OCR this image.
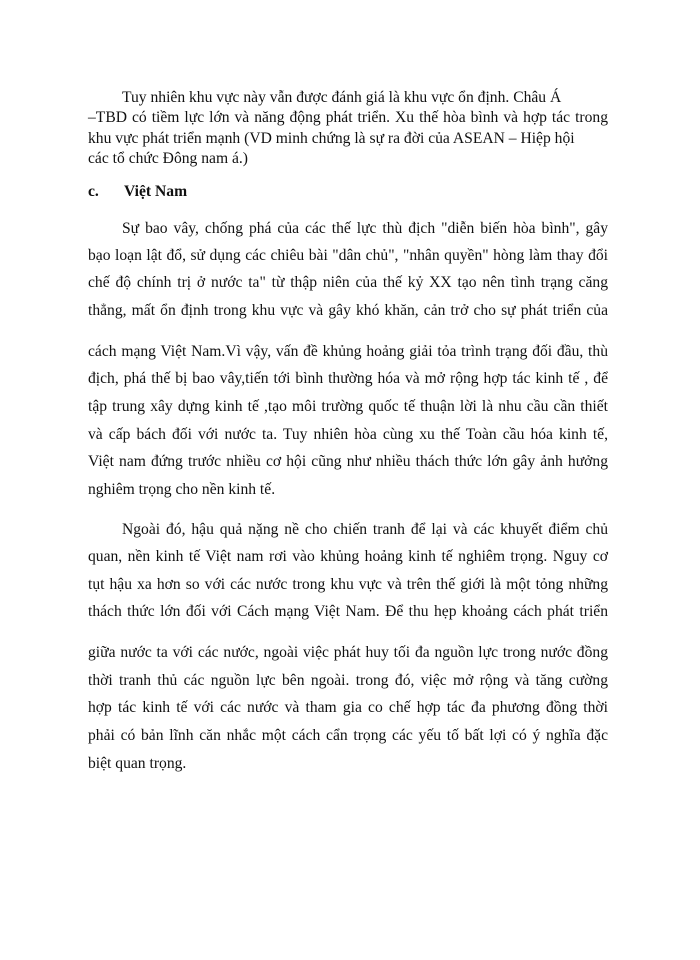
Tuy nhiên khu vực này vẫn được đánh giá là khu vực ổn định. Châu Á
–TBD có tiềm lực lớn và năng động phát triển. Xu thế hòa bình và hợp tác trong
khu vực phát triển mạnh (VD minh chứng là sự ra đời của ASEAN – Hiệp hội
các tổ chức Đông nam á.)
c. Việt Nam
Sự bao vây, chống phá của các thế lực thù địch "diễn biến hòa bình", gây
bạo loạn lật đổ, sử dụng các chiêu bài "dân chủ", "nhân quyền" hòng làm thay đổi
chế độ chính trị ở nước ta" từ thập niên của thế kỷ XX tạo nên tình trạng căng
thẳng, mất ổn định trong khu vực và gây khó khăn, cản trở cho sự phát triển của
cách mạng Việt Nam.Vì vậy, vấn đề khủng hoảng giải tỏa trình trạng đối đầu, thù
địch, phá thế bị bao vây,tiến tới bình thường hóa và mở rộng hợp tác kinh tế , để
tập trung xây dựng kinh tế ,tạo môi trường quốc tế thuận lời là nhu cầu cần thiết
và cấp bách đối với nước ta. Tuy nhiên hòa cùng xu thế Toàn cầu hóa kinh tế,
Việt nam đứng trước nhiều cơ hội cũng như nhiều thách thức lớn gây ảnh hưởng
nghiêm trọng cho nền kinh tế.
Ngoài đó, hậu quả nặng nề cho chiến tranh để lại và các khuyết điểm chủ
quan, nền kinh tế Việt nam rơi vào khủng hoảng kinh tế nghiêm trọng. Nguy cơ
tụt hậu xa hơn so với các nước trong khu vực và trên thế giới là một tỏng những
thách thức lớn đối với Cách mạng Việt Nam. Để thu hẹp khoảng cách phát triển
giữa nước ta với các nước, ngoài việc phát huy tối đa nguồn lực trong nước đồng
thời tranh thủ các nguồn lực bên ngoài. trong đó, việc mở rộng và tăng cường
hợp tác kinh tế với các nước và tham gia co chế hợp tác đa phương đồng thời
phải có bản lĩnh căn nhắc một cách cẩn trọng các yếu tố bất lợi có ý nghĩa đặc
biệt quan trọng.
